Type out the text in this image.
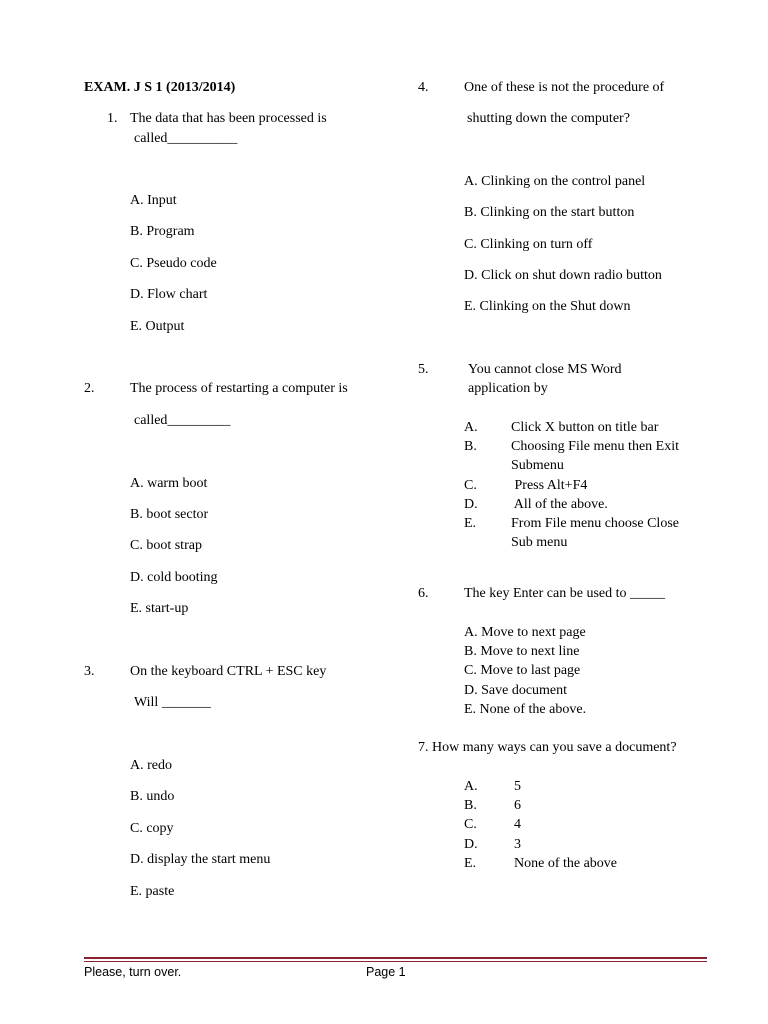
EXAM. J S 1 (2013/2014)
1. The data that has been processed is
called__________
A. Input
B. Program
C. Pseudo code
D. Flow chart
E. Output
2.	The process of restarting a computer is
called_________
A. warm boot
B. boot sector
C. boot strap
D. cold booting
E. start-up
3.	On the keyboard CTRL + ESC key
Will _______
A. redo
B. undo
C. copy
D. display the start menu
E. paste
4.	One of these is not the procedure of
shutting down the computer?
A. Clinking on the control panel
B. Clinking on the start button
C. Clinking on turn off
D. Click on shut down radio button
E. Clinking on the Shut down
5.	You cannot close MS Word
application by
A. Click X button on title bar
B. Choosing File menu then Exit
Submenu
C. Press Alt+F4
D. All of the above.
E. From File menu choose Close
Sub menu
6.	The key Enter can be used to _____
A. Move to next page
B. Move to next line
C. Move to last page
D. Save document
E. None of the above.
7. How many ways can you save a document?
A.	5
B.	6
C.	4
D.	3
E.	None of the above
Please, turn over.	Page 1
